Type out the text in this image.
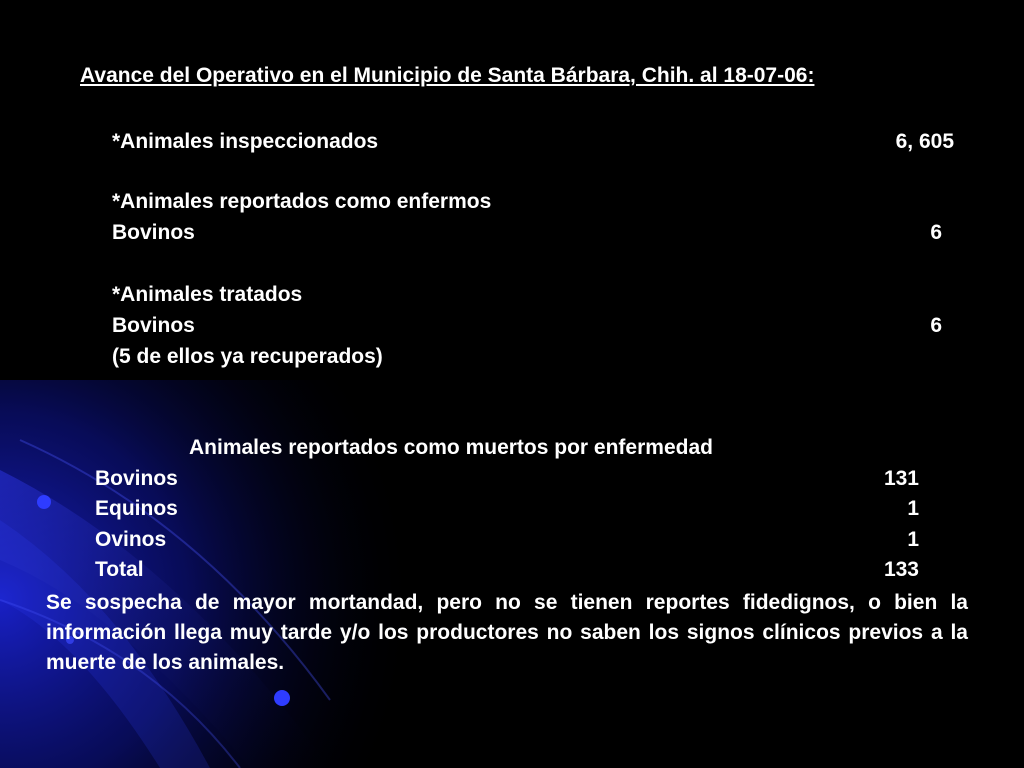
Avance del Operativo en el Municipio de Santa Bárbara, Chih. al 18-07-06:
*Animales inspeccionados	6, 605
*Animales reportados como enfermos
Bovinos	6
*Animales tratados
Bovinos	6
(5 de ellos ya recuperados)
Animales reportados como muertos por enfermedad
Bovinos	131
Equinos	1
Ovinos	1
Total	133
Se sospecha de mayor mortandad, pero no se tienen reportes fidedignos, o bien la información llega muy tarde y/o los productores no saben los signos clínicos previos a la muerte de los animales.
